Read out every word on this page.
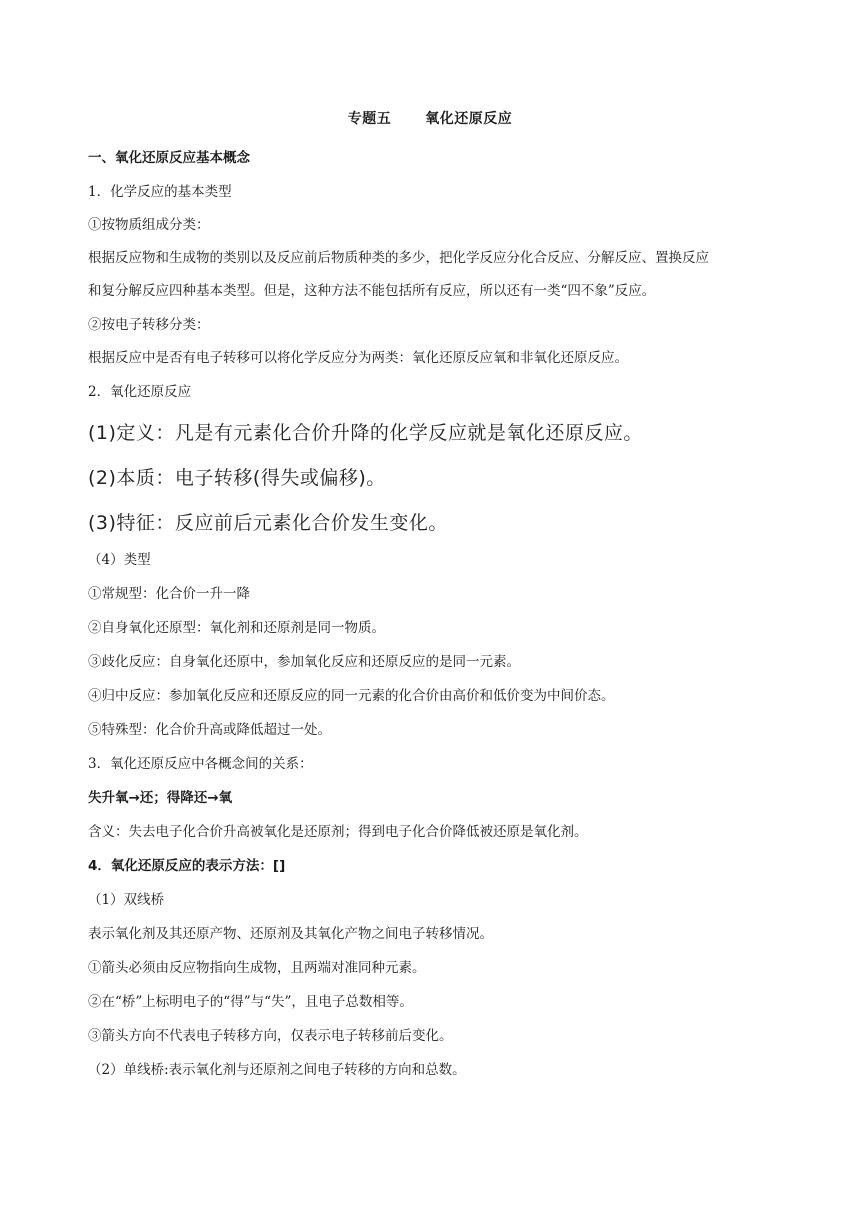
专题五 氧化还原反应
一、氧化还原反应基本概念
1．化学反应的基本类型
①按物质组成分类：
根据反应物和生成物的类别以及反应前后物质种类的多少，把化学反应分化合反应、分解反应、置换反应
和复分解反应四种基本类型。但是，这种方法不能包括所有反应，所以还有一类“四不象”反应。
②按电子转移分类：
根据反应中是否有电子转移可以将化学反应分为两类：氧化还原反应氧和非氧化还原反应。
2．氧化还原反应
(1)定义：凡是有元素化合价升降的化学反应就是氧化还原反应。
(2)本质：电子转移(得失或偏移)。
(3)特征：反应前后元素化合价发生变化。
（4）类型
①常规型：化合价一升一降
②自身氧化还原型：氧化剂和还原剂是同一物质。
③歧化反应：自身氧化还原中，参加氧化反应和还原反应的是同一元素。
④归中反应：参加氧化反应和还原反应的同一元素的化合价由高价和低价变为中间价态。
⑤特殊型：化合价升高或降低超过一处。
3．氧化还原反应中各概念间的关系：
失升氧→还；得降还→氧
含义：失去电子化合价升高被氧化是还原剂；得到电子化合价降低被还原是氧化剂。
4．氧化还原反应的表示方法：[]
（1）双线桥
表示氧化剂及其还原产物、还原剂及其氧化产物之间电子转移情况。
①箭头必须由反应物指向生成物，且两端对准同种元素。
②在“桥”上标明电子的“得”与“失”，且电子总数相等。
③箭头方向不代表电子转移方向，仅表示电子转移前后变化。
（2）单线桥:表示氧化剂与还原剂之间电子转移的方向和总数。
